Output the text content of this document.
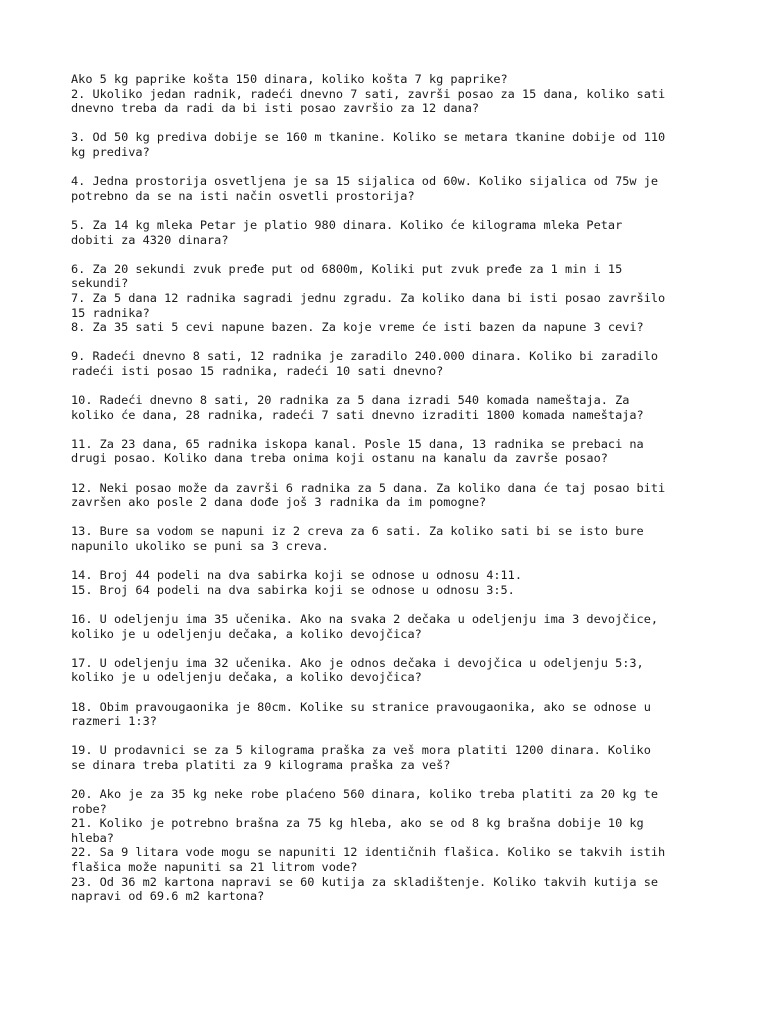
Ako 5 kg paprike košta 150 dinara, koliko košta 7 kg paprike?
2. Ukoliko jedan radnik, radeći dnevno 7 sati, završi posao za 15 dana, koliko sati
dnevno treba da radi da bi isti posao završio za 12 dana?
3. Od 50 kg prediva dobije se 160 m tkanine. Koliko se metara tkanine dobije od 110
kg prediva?
4. Jedna prostorija osvetljena je sa 15 sijalica od 60w. Koliko sijalica od 75w je
potrebno da se na isti način osvetli prostorija?
5. Za 14 kg mleka Petar je platio 980 dinara. Koliko će kilograma mleka Petar
dobiti za 4320 dinara?
6. Za 20 sekundi zvuk pređe put od 6800m, Koliki put zvuk pređe za 1 min i 15
sekundi?
7. Za 5 dana 12 radnika sagradi jednu zgradu. Za koliko dana bi isti posao završilo
15 radnika?
8. Za 35 sati 5 cevi napune bazen. Za koje vreme će isti bazen da napune 3 cevi?
9. Radeći dnevno 8 sati, 12 radnika je zaradilo 240.000 dinara. Koliko bi zaradilo
radeći isti posao 15 radnika, radeći 10 sati dnevno?
10. Radeći dnevno 8 sati, 20 radnika za 5 dana izradi 540 komada nameštaja. Za
koliko će dana, 28 radnika, radeći 7 sati dnevno izraditi 1800 komada nameštaja?
11. Za 23 dana, 65 radnika iskopa kanal. Posle 15 dana, 13 radnika se prebaci na
drugi posao. Koliko dana treba onima koji ostanu na kanalu da završe posao?
12. Neki posao može da završi 6 radnika za 5 dana. Za koliko dana će taj posao biti
završen ako posle 2 dana dođe još 3 radnika da im pomogne?
13. Bure sa vodom se napuni iz 2 creva za 6 sati. Za koliko sati bi se isto bure
napunilo ukoliko se puni sa 3 creva.
14. Broj 44 podeli na dva sabirka koji se odnose u odnosu 4:11.
15. Broj 64 podeli na dva sabirka koji se odnose u odnosu 3:5.
16. U odeljenju ima 35 učenika. Ako na svaka 2 dečaka u odeljenju ima 3 devojčice,
koliko je u odeljenju dečaka, a koliko devojčica?
17. U odeljenju ima 32 učenika. Ako je odnos dečaka i devojčica u odeljenju 5:3,
koliko je u odeljenju dečaka, a koliko devojčica?
18. Obim pravougaonika je 80cm. Kolike su stranice pravougaonika, ako se odnose u
razmeri 1:3?
19. U prodavnici se za 5 kilograma praška za veš mora platiti 1200 dinara. Koliko
se dinara treba platiti za 9 kilograma praška za veš?
20. Ako je za 35 kg neke robe plaćeno 560 dinara, koliko treba platiti za 20 kg te
robe?
21. Koliko je potrebno brašna za 75 kg hleba, ako se od 8 kg brašna dobije 10 kg
hleba?
22. Sa 9 litara vode mogu se napuniti 12 identičnih flašica. Koliko se takvih istih
flašica može napuniti sa 21 litrom vode?
23. Od 36 m2 kartona napravi se 60 kutija za skladištenje. Koliko takvih kutija se
napravi od 69.6 m2 kartona?
